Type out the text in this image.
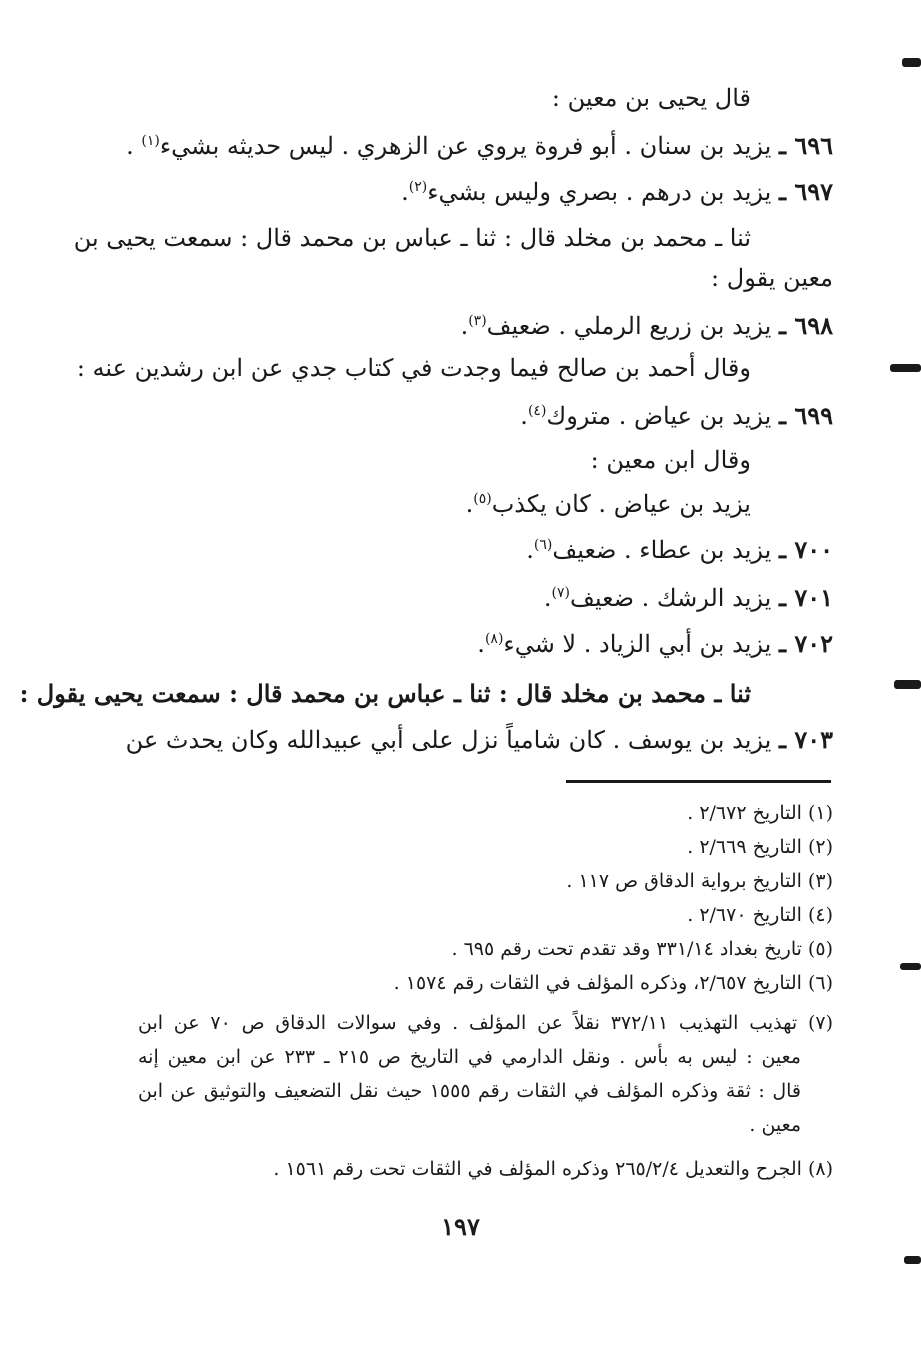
قال يحيى بن معين :
٦٩٦ ـ يزيد بن سنان . أبو فروة يروي عن الزهري . ليس حديثه بشيء$^{(١)}$ .
٦٩٧ ـ يزيد بن درهم . بصري وليس بشيء$^{(٢)}$.
ثنا ـ محمد بن مخلد قال : ثنا ـ عباس بن محمد قال : سمعت يحيى بن
معين يقول :
٦٩٨ ـ يزيد بن زريع الرملي . ضعيف$^{(٣)}$.
وقال أحمد بن صالح فيما وجدت في كتاب جدي عن ابن رشدين عنه :
٦٩٩ ـ يزيد بن عياض . متروك$^{(٤)}$.
وقال ابن معين :
يزيد بن عياض . كان يكذب$^{(٥)}$.
٧٠٠ ـ يزيد بن عطاء . ضعيف$^{(٦)}$.
٧٠١ ـ يزيد الرشك . ضعيف$^{(٧)}$.
٧٠٢ ـ يزيد بن أبي الزياد . لا شيء$^{(٨)}$.
ثنا ـ محمد بن مخلد قال : ثنا ـ عباس بن محمد قال : سمعت يحيى يقول :
٧٠٣ ـ يزيد بن يوسف . كان شامياً نزل على أبي عبيدالله وكان يحدث عن
(١) التاريخ ٢/٦٧٢ .
(٢) التاريخ ٢/٦٦٩ .
(٣) التاريخ برواية الدقاق ص ١١٧ .
(٤) التاريخ ٢/٦٧٠ .
(٥) تاريخ بغداد ٣٣١/١٤ وقد تقدم تحت رقم ٦٩٥ .
(٦) التاريخ ٢/٦٥٧، وذكره المؤلف في الثقات رقم ١٥٧٤ .
(٧) تهذيب التهذيب ٣٧٢/١١ نقلاً عن المؤلف . وفي سوالات الدقاق ص ٧٠ عن ابن
معين : ليس به بأس . ونقل الدارمي في التاريخ ص ٢١٥ ـ ٢٣٣ عن ابن معين إنه
قال : ثقة وذكره المؤلف في الثقات رقم ١٥٥٥ حيث نقل التضعيف والتوثيق عن ابن
معين .
(٨) الجرح والتعديل ٢٦٥/٢/٤ وذكره المؤلف في الثقات تحت رقم ١٥٦١ .
١٩٧
